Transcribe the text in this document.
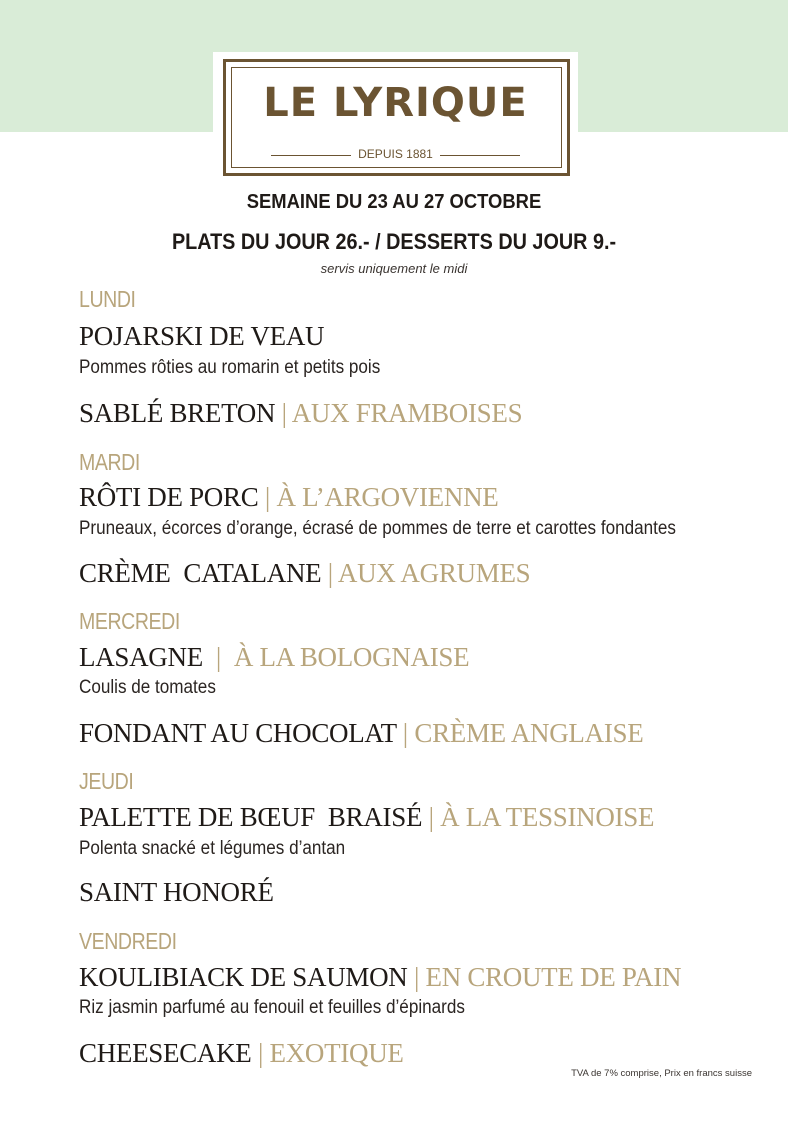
LE LYRIQUE
DEPUIS 1881
SEMAINE DU 23 AU 27 OCTOBRE
PLATS DU JOUR 26.- / DESSERTS DU JOUR 9.-
servis uniquement le midi
LUNDI
POJARSKI DE VEAU
Pommes rôties au romarin et petits pois
SABLÉ BRETON | AUX FRAMBOISES
MARDI
RÔTI DE PORC | À L’ARGOVIENNE
Pruneaux, écorces d’orange, écrasé de pommes de terre et carottes fondantes
CRÈME  CATALANE | AUX AGRUMES
MERCREDI
LASAGNE | À LA BOLOGNAISE
Coulis de tomates
FONDANT AU CHOCOLAT | CRÈME ANGLAISE
JEUDI
PALETTE DE BŒUF  BRAISÉ | À LA TESSINOISE
Polenta snacké et légumes d’antan
SAINT HONORÉ
VENDREDI
KOULIBIACK DE SAUMON | EN CROUTE DE PAIN
Riz jasmin parfumé au fenouil et feuilles d’épinards
CHEESECAKE | EXOTIQUE
TVA de 7% comprise, Prix en francs suisse
